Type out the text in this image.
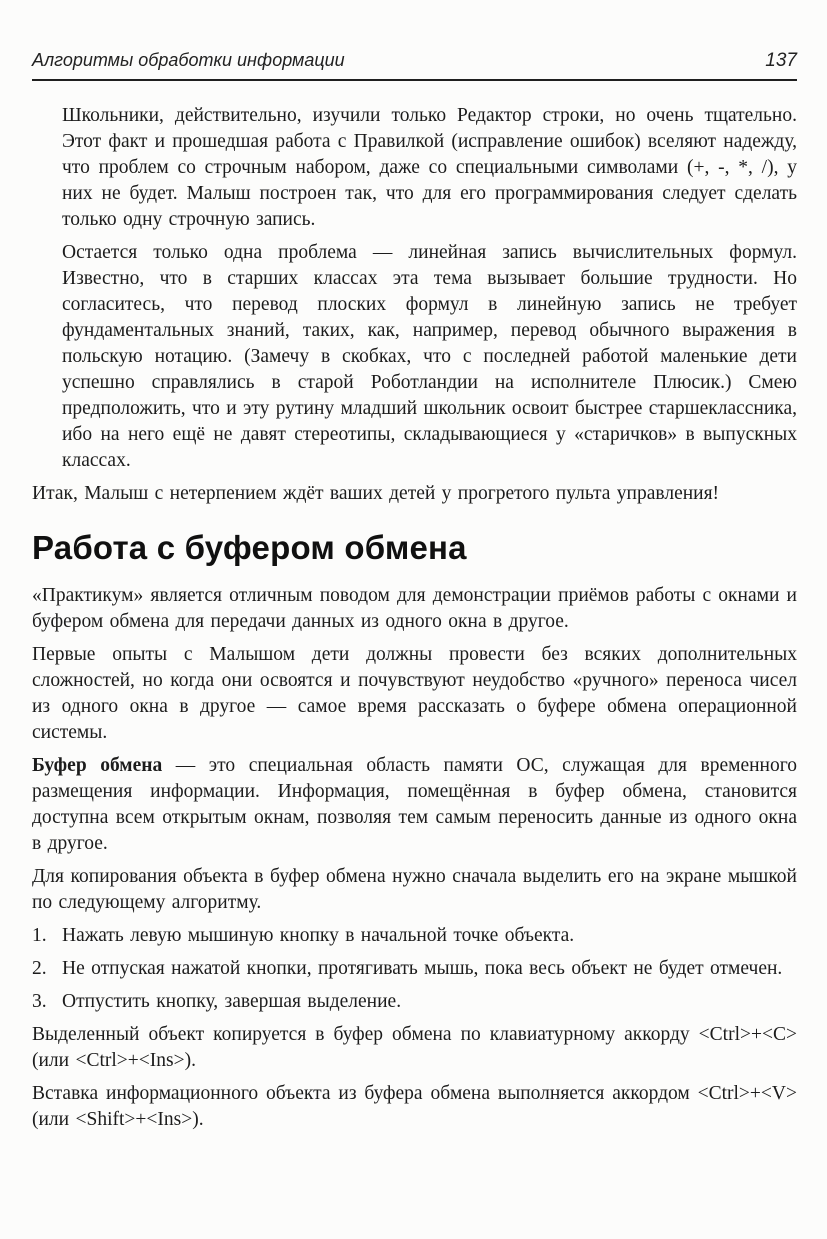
Алгоритмы обработки информации	137

Школьники, действительно, изучили только Редактор строки, но очень тщательно. Этот факт и прошедшая работа с Правилкой (исправление ошибок) вселяют надежду, что проблем со строчным набором, даже со специальными символами (+, -, *, /), у них не будет. Малыш построен так, что для его программирования следует сделать только одну строчную запись.

Остается только одна проблема — линейная запись вычислительных формул. Известно, что в старших классах эта тема вызывает большие трудности. Но согласитесь, что перевод плоских формул в линейную запись не требует фундаментальных знаний, таких, как, например, перевод обычного выражения в польскую нотацию. (Замечу в скобках, что с последней работой маленькие дети успешно справлялись в старой Роботландии на исполнителе Плюсик.) Смею предположить, что и эту рутину младший школьник освоит быстрее старшеклассника, ибо на него ещё не давят стереотипы, складывающиеся у «старичков» в выпускных классах.

Итак, Малыш с нетерпением ждёт ваших детей у прогретого пульта управления!

Работа с буфером обмена

«Практикум» является отличным поводом для демонстрации приёмов работы с окнами и буфером обмена для передачи данных из одного окна в другое.

Первые опыты с Малышом дети должны провести без всяких дополнительных сложностей, но когда они освоятся и почувствуют неудобство «ручного» переноса чисел из одного окна в другое — самое время рассказать о буфере обмена операционной системы.

Буфер обмена — это специальная область памяти ОС, служащая для временного размещения информации. Информация, помещённая в буфер обмена, становится доступна всем открытым окнам, позволяя тем самым переносить данные из одного окна в другое.

Для копирования объекта в буфер обмена нужно сначала выделить его на экране мышкой по следующему алгоритму.

1. Нажать левую мышиную кнопку в начальной точке объекта.
2. Не отпуская нажатой кнопки, протягивать мышь, пока весь объект не будет отмечен.
3. Отпустить кнопку, завершая выделение.

Выделенный объект копируется в буфер обмена по клавиатурному аккорду <Ctrl>+<C> (или <Ctrl>+<Ins>).

Вставка информационного объекта из буфера обмена выполняется аккордом <Ctrl>+<V> (или <Shift>+<Ins>).
